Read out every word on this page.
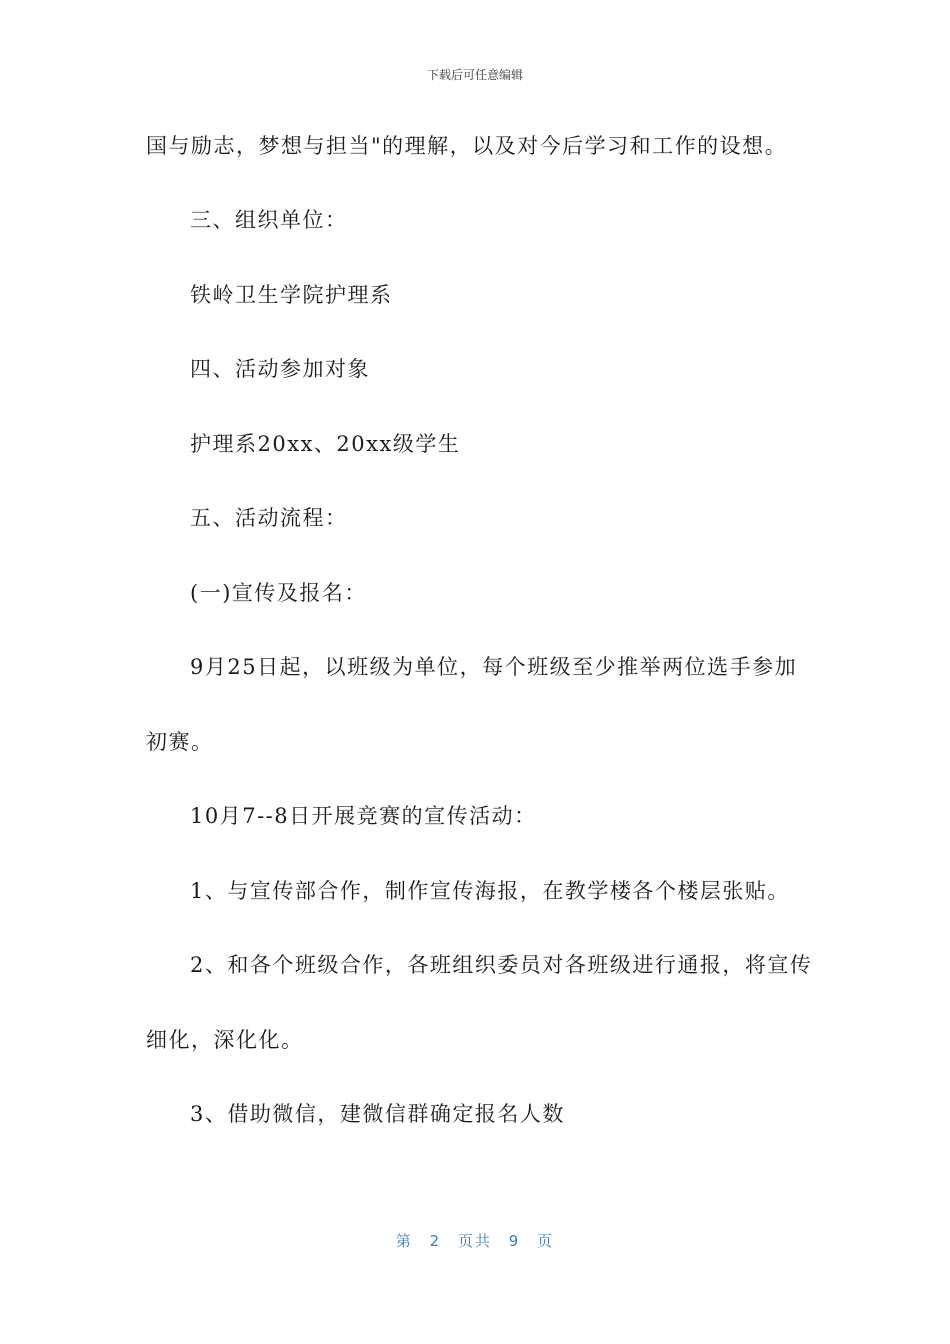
下载后可任意编辑
国与励志，梦想与担当"的理解，以及对今后学习和工作的设想。
三、组织单位：
铁岭卫生学院护理系
四、活动参加对象
护理系20xx、20xx级学生
五、活动流程：
(一)宣传及报名：
9月25日起，以班级为单位，每个班级至少推举两位选手参加
初赛。
10月7--8日开展竞赛的宣传活动：
1、与宣传部合作，制作宣传海报，在教学楼各个楼层张贴。
2、和各个班级合作，各班组织委员对各班级进行通报，将宣传
细化，深化化。
3、借助微信，建微信群确定报名人数
第 2 页共 9 页
